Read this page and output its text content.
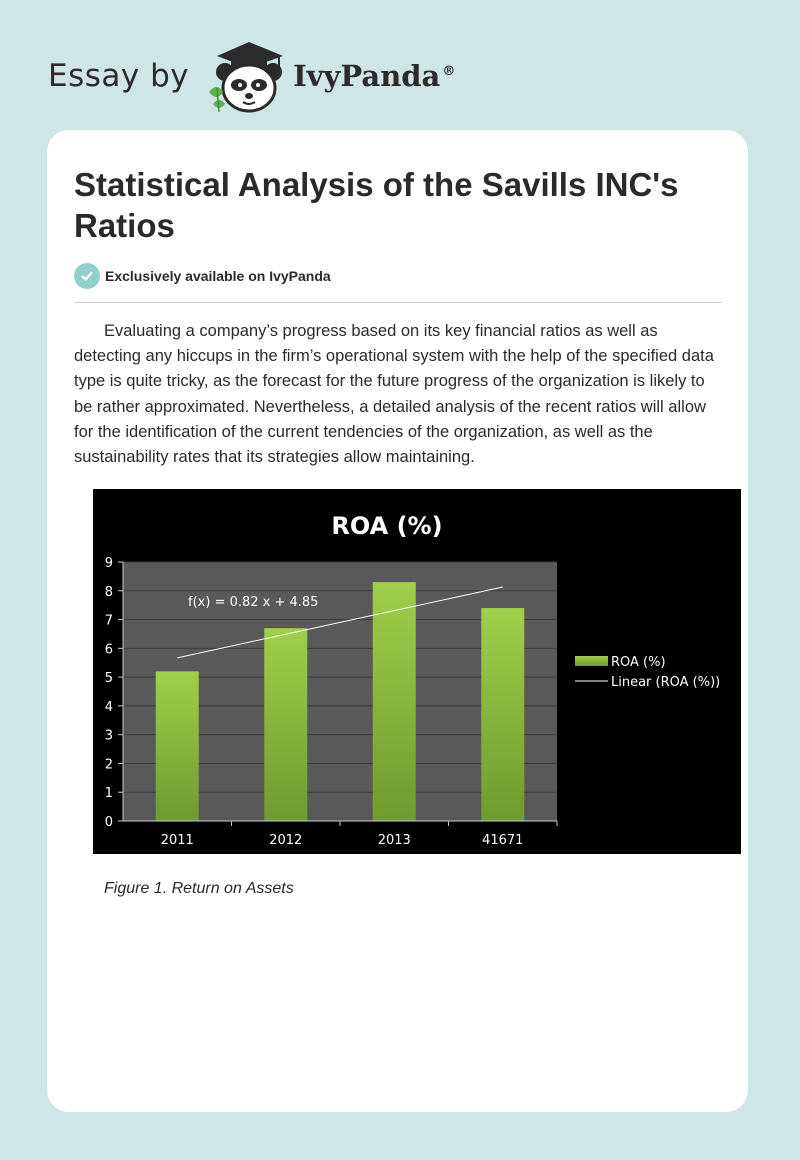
Essay by	IvyPanda ®
Statistical Analysis of the Savills INC's Ratios
Exclusively available on IvyPanda

Evaluating a company’s progress based on its key financial ratios as well as detecting any hiccups in the firm’s operational system with the help of the specified data type is quite tricky, as the forecast for the future progress of the organization is likely to be rather approximated. Nevertheless, a detailed analysis of the recent ratios will allow for the identification of the current tendencies of the organization, as well as the sustainability rates that its strategies allow maintaining.

ROA (%)
0
1
2
3
4
5
6
7
8
9
2011	2012	2013	41671
f(x) = 0.82 x + 4.85
ROA (%)
Linear (ROA (%))

Figure 1. Return on Assets
